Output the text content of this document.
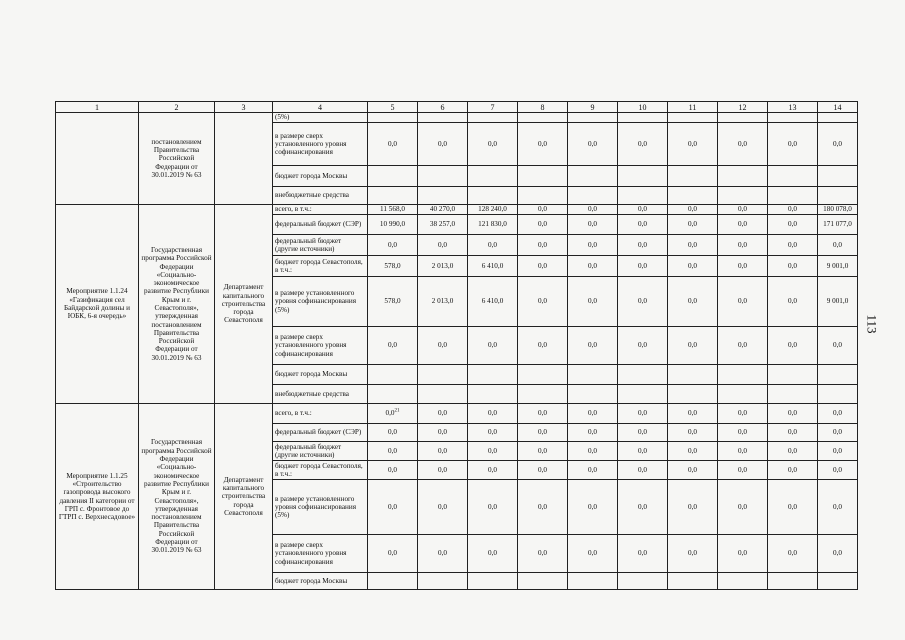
1	2	3	4	5	6	7	8	9	10	11	12	13	14
	постановлением Правительства Российской Федерации от 30.01.2019 № 63		(5%)										
			в размере сверх установленного уровня софинансирования	0,0	0,0	0,0	0,0	0,0	0,0	0,0	0,0	0,0	0,0
			бюджет города Москвы										
			внебюджетные средства										
Мероприятие 1.1.24 «Газификация сел Байдарской долины и ЮБК, 6-я очередь»	Государственная программа Российской Федерации «Социально-экономическое развитие Республики Крым и г. Севастополя», утвержденная постановлением Правительства Российской Федерации от 30.01.2019 № 63	Департамент капитального строительства города Севастополя	всего, в т.ч.:	11 568,0	40 270,0	128 240,0	0,0	0,0	0,0	0,0	0,0	0,0	180 078,0
			федеральный бюджет (СЭР)	10 990,0	38 257,0	121 830,0	0,0	0,0	0,0	0,0	0,0	0,0	171 077,0
			федеральный бюджет (другие источники)	0,0	0,0	0,0	0,0	0,0	0,0	0,0	0,0	0,0	0,0
			бюджет города Севастополя, в т.ч.:	578,0	2 013,0	6 410,0	0,0	0,0	0,0	0,0	0,0	0,0	9 001,0
			в размере установленного уровня софинансирования (5%)	578,0	2 013,0	6 410,0	0,0	0,0	0,0	0,0	0,0	0,0	9 001,0
			в размере сверх установленного уровня софинансирования	0,0	0,0	0,0	0,0	0,0	0,0	0,0	0,0	0,0	0,0
			бюджет города Москвы										
			внебюджетные средства										
Мероприятие 1.1.25 «Строительство газопровода высокого давления II категории от ГРП с. Фронтовое до ГТРП с. Верхнесадовое»	Государственная программа Российской Федерации «Социально-экономическое развитие Республики Крым и г. Севастополя», утвержденная постановлением Правительства Российской Федерации от 30.01.2019 № 63	Департамент капитального строительства города Севастополя	всего, в т.ч.:	$0,0^{21}$	0,0	0,0	0,0	0,0	0,0	0,0	0,0	0,0	0,0
			федеральный бюджет (СЭР)	0,0	0,0	0,0	0,0	0,0	0,0	0,0	0,0	0,0	0,0
			федеральный бюджет (другие источники)	0,0	0,0	0,0	0,0	0,0	0,0	0,0	0,0	0,0	0,0
			бюджет города Севастополя, в т.ч.:	0,0	0,0	0,0	0,0	0,0	0,0	0,0	0,0	0,0	0,0
			в размере установленного уровня софинансирования (5%)	0,0	0,0	0,0	0,0	0,0	0,0	0,0	0,0	0,0	0,0
			в размере сверх установленного уровня софинансирования	0,0	0,0	0,0	0,0	0,0	0,0	0,0	0,0	0,0	0,0
			бюджет города Москвы										
113
